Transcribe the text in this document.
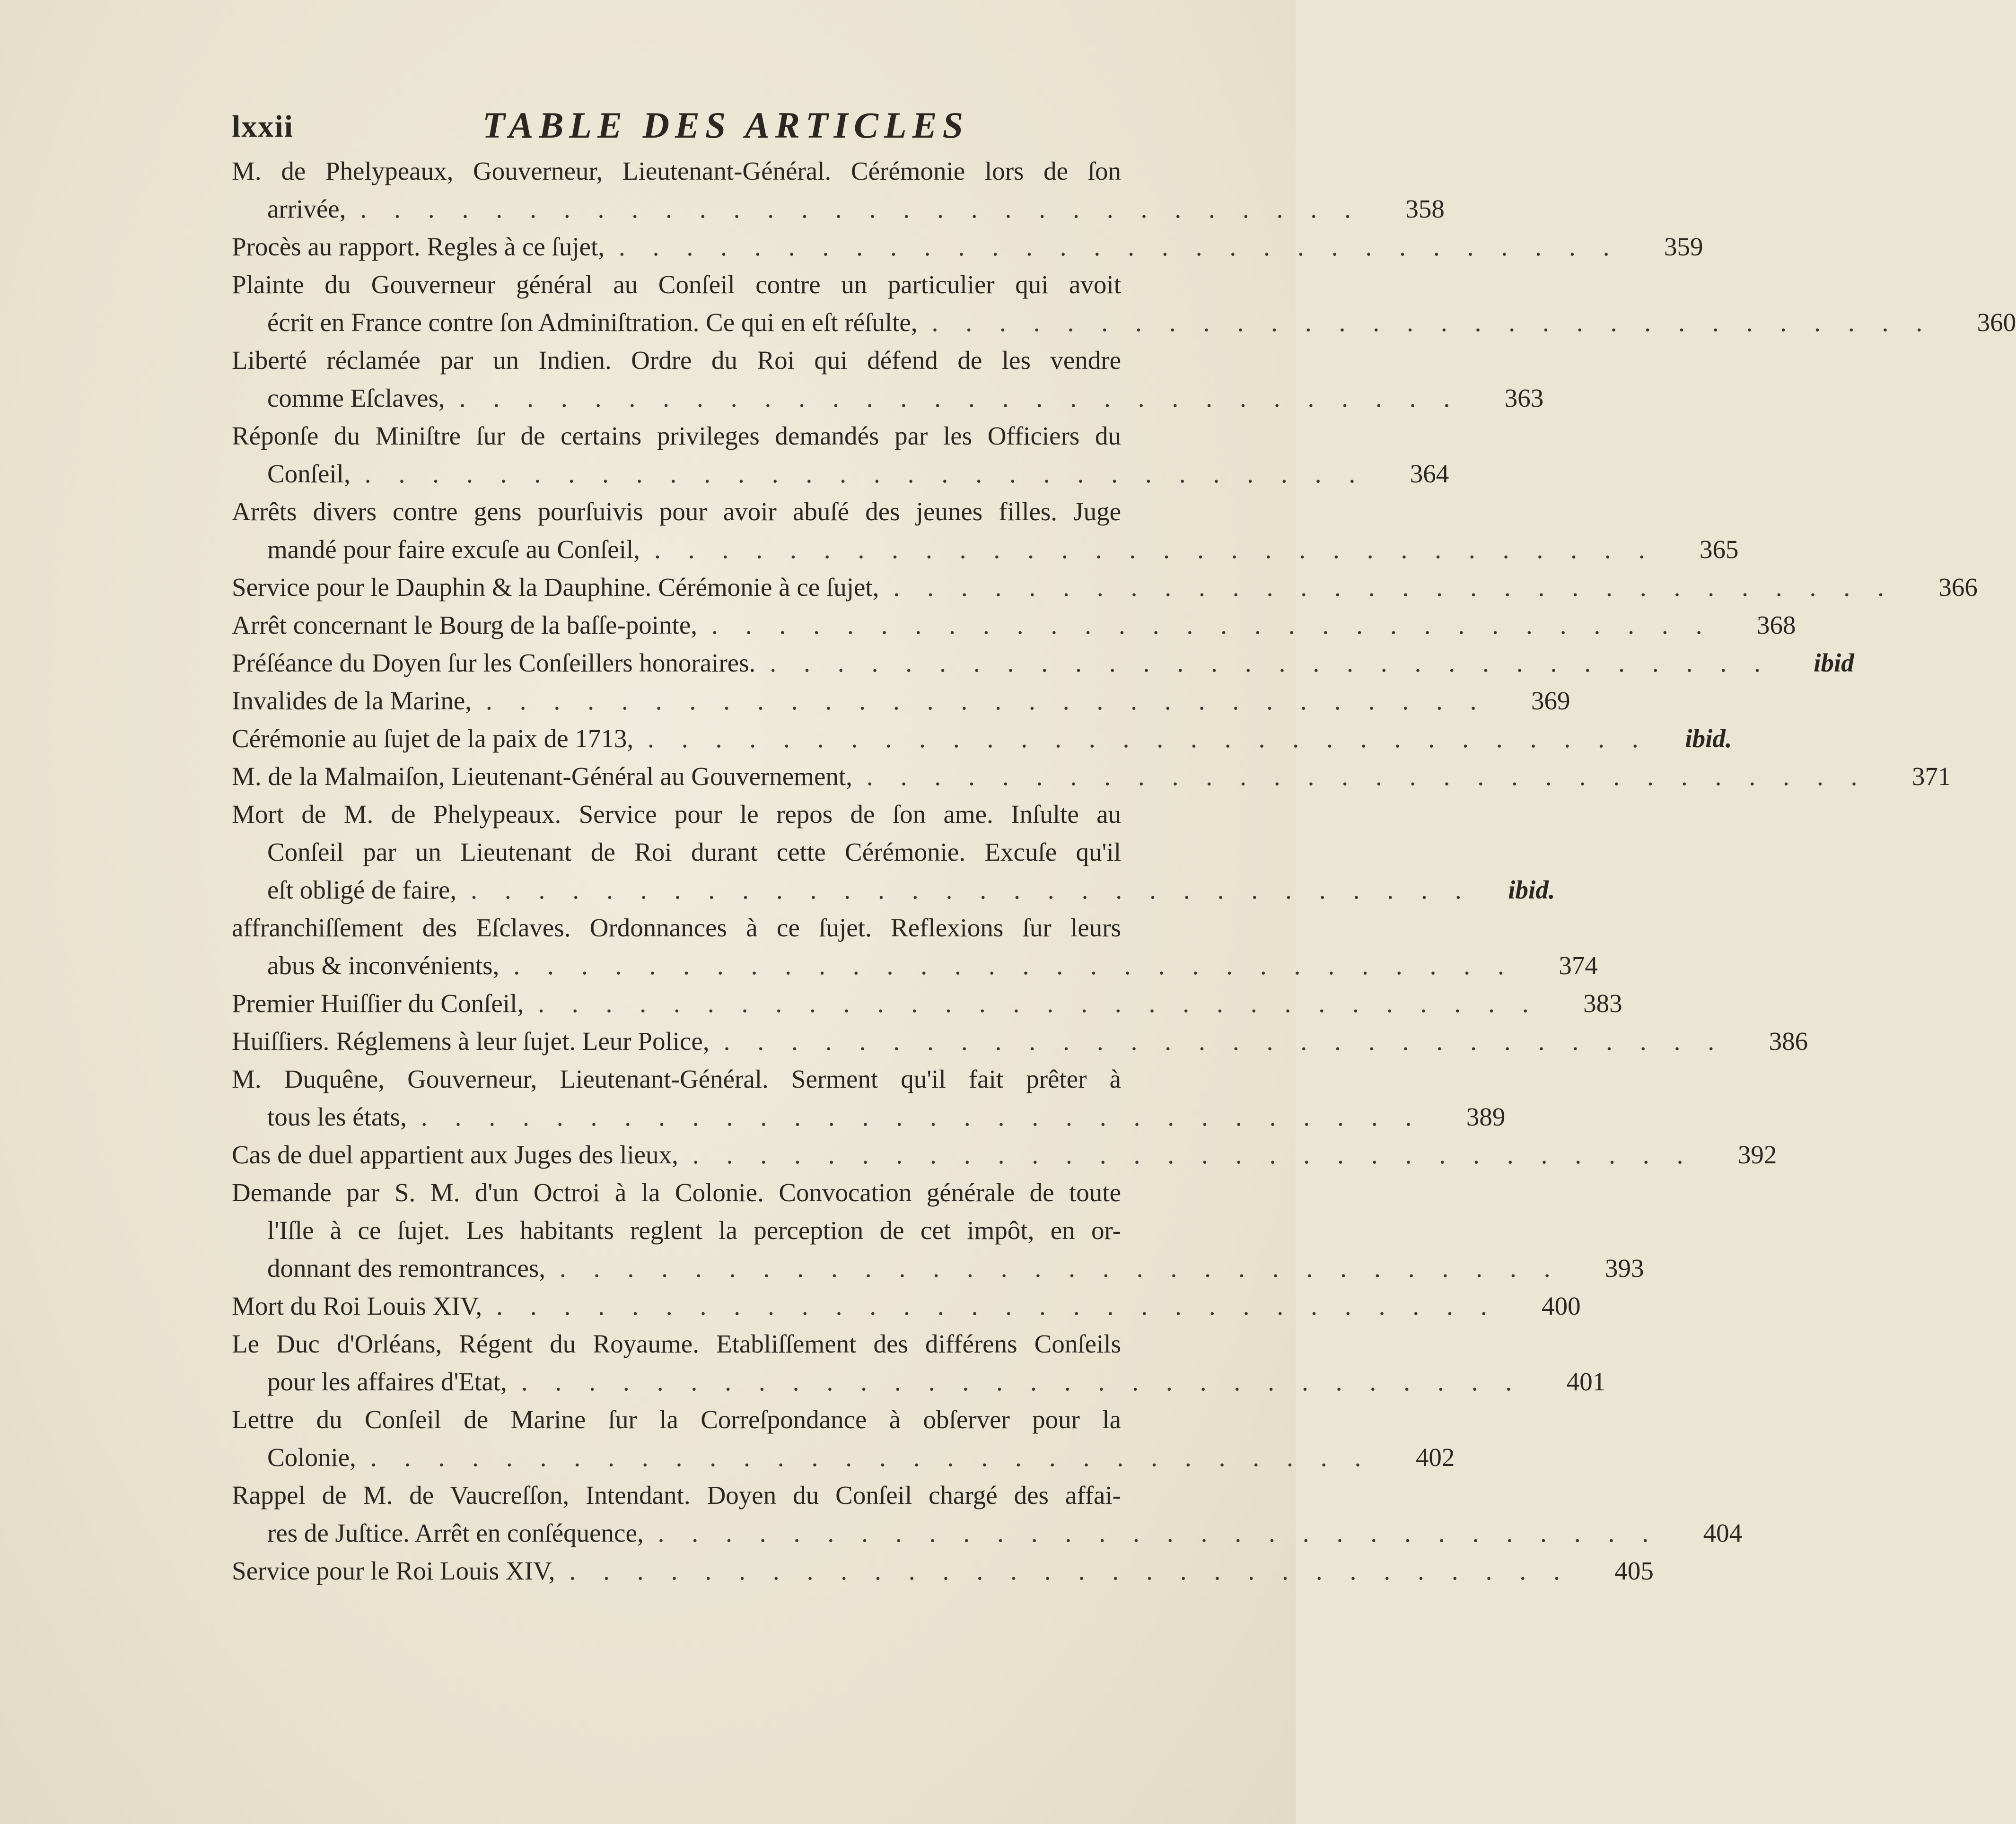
lxxii	TABLE DES ARTICLES
M. de Phelypeaux, Gouverneur, Lieutenant-Général. Cérémonie lors de ſon
arrivée, ..............................	358
Procès au rapport. Regles à ce ſujet, ..............................	359
Plainte du Gouverneur général au Conſeil contre un particulier qui avoit
écrit en France contre ſon Adminiſtration. Ce qui en eſt réſulte, ..............................	360
Liberté réclamée par un Indien. Ordre du Roi qui défend de les vendre
comme Eſclaves, ..............................	363
Réponſe du Miniſtre ſur de certains privileges demandés par les Officiers du
Conſeil, ..............................	364
Arrêts divers contre gens pourſuivis pour avoir abuſé des jeunes filles. Juge
mandé pour faire excuſe au Conſeil, ..............................	365
Service pour le Dauphin & la Dauphine. Cérémonie à ce ſujet, ..............................	366
Arrêt concernant le Bourg de la baſſe-pointe, ..............................	368
Préſéance du Doyen ſur les Conſeillers honoraires. .............................. ibid
Invalides de la Marine, ..............................	369
Cérémonie au ſujet de la paix de 1713, .............................. ibid.
M. de la Malmaiſon, Lieutenant-Général au Gouvernement, ..............................	371
Mort de M. de Phelypeaux. Service pour le repos de ſon ame. Inſulte au
Conſeil par un Lieutenant de Roi durant cette Cérémonie. Excuſe qu'il
eſt obligé de faire, .............................. ibid.
affranchiſſement des Eſclaves. Ordonnances à ce ſujet. Reflexions ſur leurs
abus & inconvénients, ..............................	374
Premier Huiſſier du Conſeil, ..............................	383
Huiſſiers. Réglemens à leur ſujet. Leur Police, ..............................	386
M. Duquêne, Gouverneur, Lieutenant-Général. Serment qu'il fait prêter à
tous les états, ..............................	389
Cas de duel appartient aux Juges des lieux, ..............................	392
Demande par S. M. d'un Octroi à la Colonie. Convocation générale de toute
l'Iſle à ce ſujet. Les habitants reglent la perception de cet impôt, en or-
donnant des remontrances, ..............................	393
Mort du Roi Louis XIV, ..............................	400
Le Duc d'Orléans, Régent du Royaume. Etabliſſement des différens Conſeils
pour les affaires d'Etat, ..............................	401
Lettre du Conſeil de Marine ſur la Correſpondance à obſerver pour la
Colonie, ..............................	402
Rappel de M. de Vaucreſſon, Intendant. Doyen du Conſeil chargé des affai-
res de Juſtice. Arrêt en conſéquence, ..............................	404
Service pour le Roi Louis XIV, ..............................	405
